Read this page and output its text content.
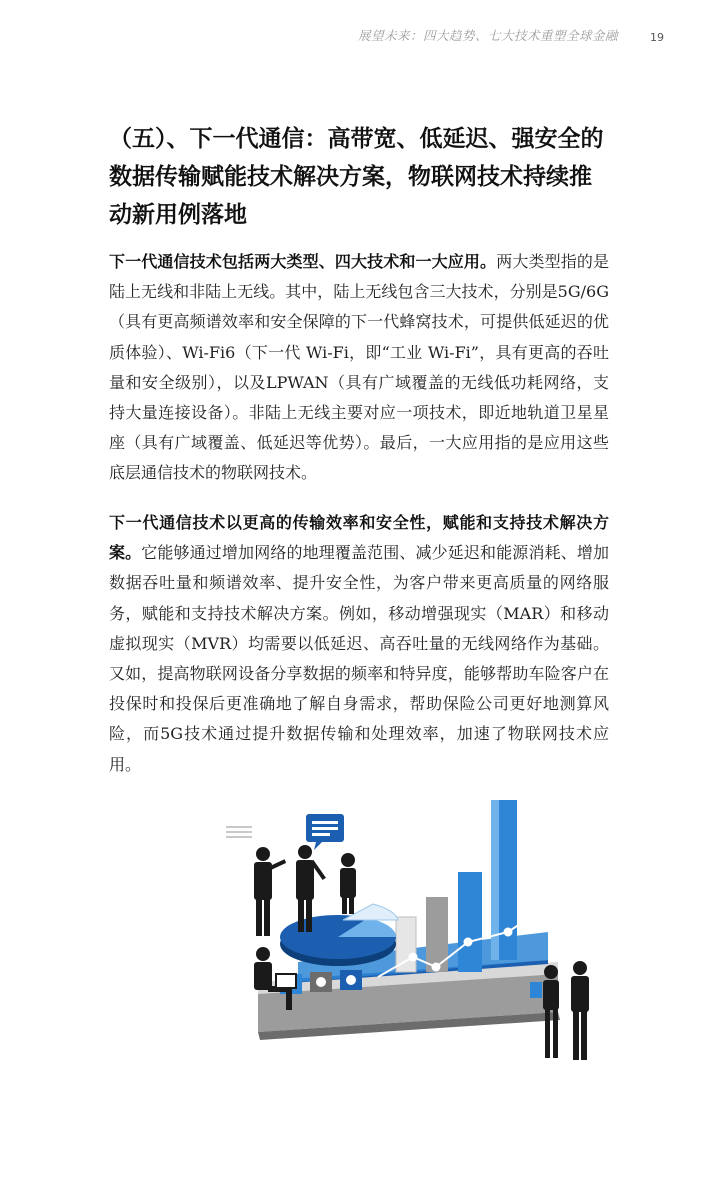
展望未来：四大趋势、七大技术重塑全球金融	19
（五）、下一代通信：高带宽、低延迟、强安全的数据传输赋能技术解决方案，物联网技术持续推动新用例落地

下一代通信技术包括两大类型、四大技术和一大应用。两大类型指的是陆上无线和非陆上无线。其中，陆上无线包含三大技术，分别是5G/6G（具有更高频谱效率和安全保障的下一代蜂窝技术，可提供低延迟的优质体验）、Wi-Fi6（下一代 Wi-Fi，即“工业 Wi-Fi”，具有更高的吞吐量和安全级别），以及LPWAN（具有广域覆盖的无线低功耗网络，支持大量连接设备）。非陆上无线主要对应一项技术，即近地轨道卫星星座（具有广域覆盖、低延迟等优势）。最后，一大应用指的是应用这些底层通信技术的物联网技术。

下一代通信技术以更高的传输效率和安全性，赋能和支持技术解决方案。它能够通过增加网络的地理覆盖范围、减少延迟和能源消耗、增加数据吞吐量和频谱效率、提升安全性，为客户带来更高质量的网络服务，赋能和支持技术解决方案。例如，移动增强现实（MAR）和移动虚拟现实（MVR）均需要以低延迟、高吞吐量的无线网络作为基础。又如，提高物联网设备分享数据的频率和特异度，能够帮助车险客户在投保时和投保后更准确地了解自身需求，帮助保险公司更好地测算风险，而5G技术通过提升数据传输和处理效率，加速了物联网技术应用。
